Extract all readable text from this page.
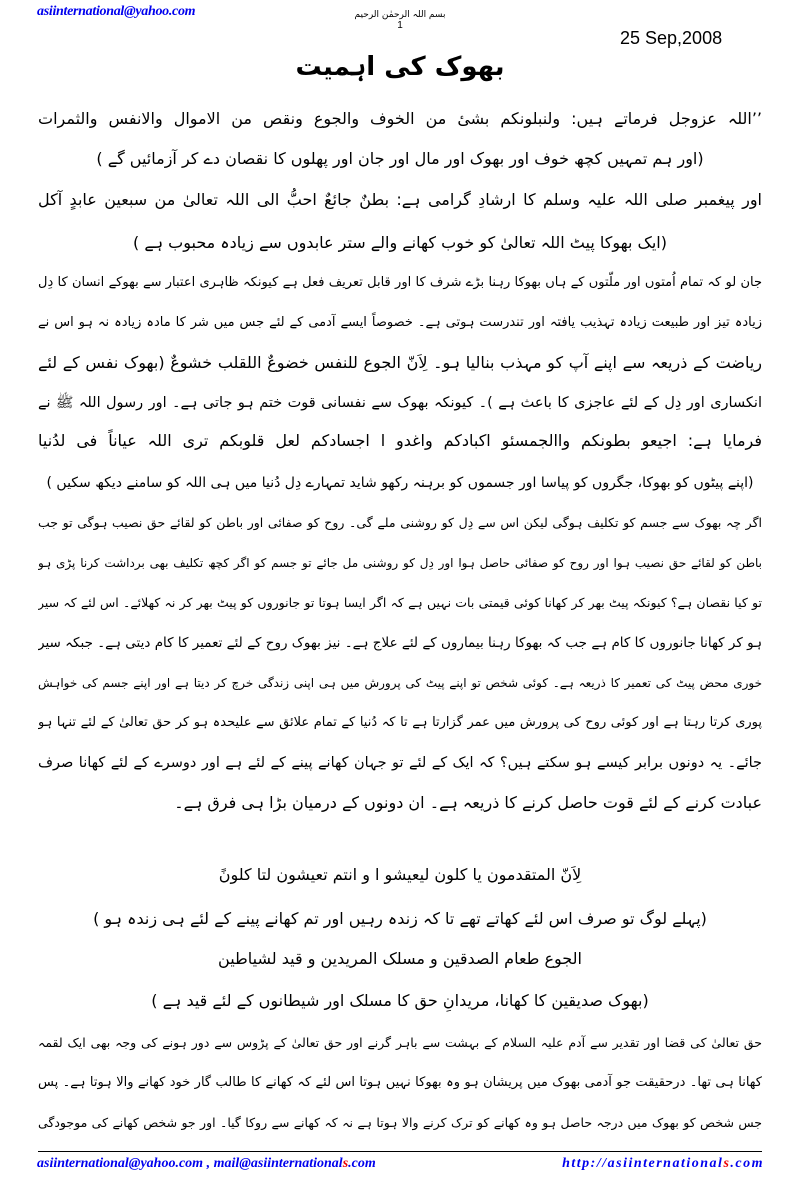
asiinternational@yahoo.com	بسم اللہ الرحمٰن الرحیم
1
25 Sep,2008
بھوک کی اہمیت
’’اللہ عزوجل فرماتے ہیں: ولنبلونکم بشیٔ من الخوف والجوع ونقص من الاموال والانفس والثمرات
(اور ہم تمہیں کچھ خوف اور بھوک اور مال اور جان اور پھلوں کا نقصان دے کر آزمائیں گے )
اور پیغمبر صلی اللہ علیہ وسلم کا ارشادِ گرامی ہے: بطنٌ جائعٌ احبُّ الی اللہ تعالیٰ من سبعین عابدٍ آکل
(ایک بھوکا پیٹ اللہ تعالیٰ کو خوب کھانے والے ستر عابدوں سے زیادہ محبوب ہے )
جان لو کہ تمام اُمتوں اور ملّتوں کے ہاں بھوکا رہنا بڑے شرف کا اور قابل تعریف فعل ہے کیونکہ ظاہری اعتبار سے بھوکے انسان کا دِل
زیادہ تیز اور طبیعت زیادہ تہذیب یافتہ اور تندرست ہوتی ہے۔ خصوصاً ایسے آدمی کے لئے جس میں شر کا مادہ زیادہ نہ ہو اس نے
ریاضت کے ذریعہ سے اپنے آپ کو مہذب بنالیا ہو۔ لِاَنّ الجوع للنفس خضوعٌ اللقلب خشوعٌ (بھوک نفس کے لئے
انکساری اور دِل کے لئے عاجزی کا باعث ہے )۔ کیونکہ بھوک سے نفسانی قوت ختم ہو جاتی ہے۔ اور رسول اللہ ﷺ نے
فرمایا ہے: اجیعو بطونکم واالجمسئو اکبادکم واغدو ا اجسادکم لعل قلوبکم تری اللہ عیاناً فی لدُنیا
(اپنے پیٹوں کو بھوکا، جگروں کو پیاسا اور جسموں کو برہنہ رکھو شاید تمہارے دِل دُنیا میں ہی اللہ کو سامنے دیکھ سکیں )
اگر چہ بھوک سے جسم کو تکلیف ہوگی لیکن اس سے دِل کو روشنی ملے گی۔ روح کو صفائی اور باطن کو لقائے حق نصیب ہوگی تو جب
باطن کو لقائے حق نصیب ہوا اور روح کو صفائی حاصل ہوا اور دِل کو روشنی مل جائے تو جسم کو اگر کچھ تکلیف بھی برداشت کرنا پڑی ہو
تو کیا نقصان ہے؟ کیونکہ پیٹ بھر کر کھانا کوئی قیمتی بات نہیں ہے کہ اگر ایسا ہوتا تو جانوروں کو پیٹ بھر کر نہ کھلائے۔ اس لئے کہ سیر
ہو کر کھانا جانوروں کا کام ہے جب کہ بھوکا رہنا بیماروں کے لئے علاج ہے۔ نیز بھوک روح کے لئے تعمیر کا کام دیتی ہے۔ جبکہ سیر
خوری محض پیٹ کی تعمیر کا ذریعہ ہے۔ کوئی شخص تو اپنے پیٹ کی پرورش میں ہی اپنی زندگی خرچ کر دیتا ہے اور اپنے جسم کی خواہش
پوری کرتا رہتا ہے اور کوئی روح کی پرورش میں عمر گزارتا ہے تا کہ دُنیا کے تمام علائق سے علیحدہ ہو کر حق تعالیٰ کے لئے تنہا ہو
جائے۔ یہ دونوں برابر کیسے ہو سکتے ہیں؟ کہ ایک کے لئے تو جہان کھانے پینے کے لئے ہے اور دوسرے کے لئے کھانا صرف
عبادت کرنے کے لئے قوت حاصل کرنے کا ذریعہ ہے۔ ان دونوں کے درمیان بڑا ہی فرق ہے۔
لِاَنّ المتقدمون یا کلون لیعیشو ا و انتم تعیشون لتا کلونً
(پہلے لوگ تو صرف اس لئے کھاتے تھے تا کہ زندہ رہیں اور تم کھانے پینے کے لئے ہی زندہ ہو )
الجوع طعام الصدقین و مسلک المریدین و قید لشیاطین
(بھوک صدیقین کا کھانا، مریدانِ حق کا مسلک اور شیطانوں کے لئے قید ہے )
حق تعالیٰ کی قضا اور تقدیر سے آدم علیہ السلام کے بہشت سے باہر گرنے اور حق تعالیٰ کے پڑوس سے دور ہونے کی وجہ بھی ایک لقمہ
کھانا ہی تھا۔ درحقیقت جو آدمی بھوک میں پریشان ہو وہ بھوکا نہیں ہوتا اس لئے کہ کھانے کا طالب گار خود کھانے والا ہوتا ہے۔ پس
جس شخص کو بھوک میں درجہ حاصل ہو وہ کھانے کو ترک کرنے والا ہوتا ہے نہ کہ کھانے سے روکا گیا۔ اور جو شخص کھانے کی موجودگی
asiinternational@yahoo.com , mail@asiinternationals.com	http://asiinternationals.com
